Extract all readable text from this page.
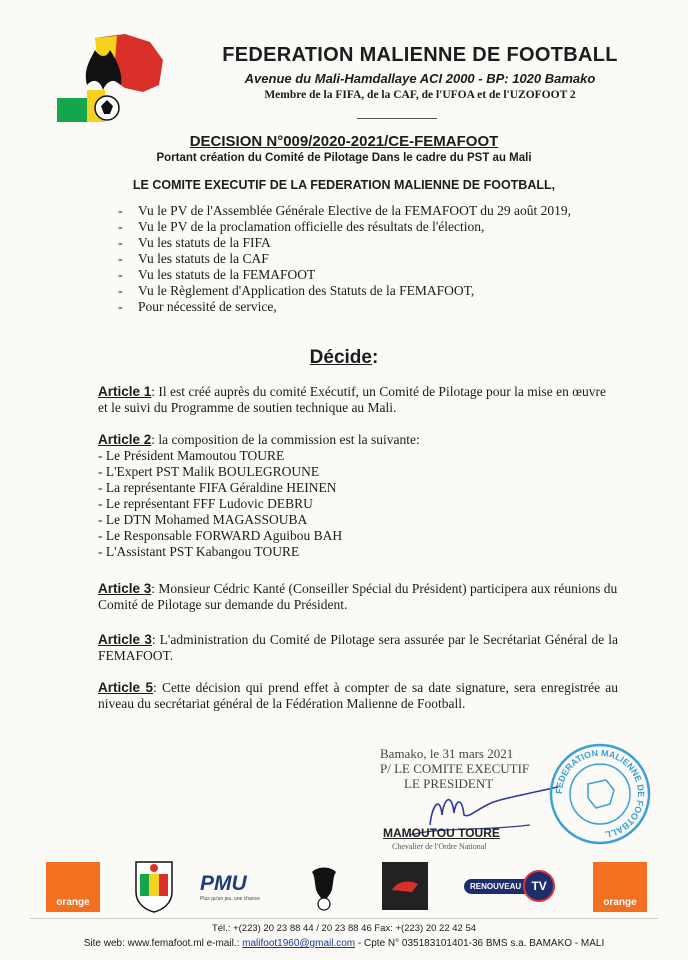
FEDERATION MALIENNE DE FOOTBALL
Avenue du Mali-Hamdallaye ACI 2000 - BP: 1020 Bamako
Membre de la FIFA, de la CAF, de l'UFOA et de l'UZOFOOT 2
DECISION N°009/2020-2021/CE-FEMAFOOT
Portant création du Comité de Pilotage Dans le cadre du PST au Mali
LE COMITE EXECUTIF DE LA FEDERATION MALIENNE DE FOOTBALL,
- Vu le PV de l'Assemblée Générale Elective de la FEMAFOOT du 29 août 2019,
- Vu le PV de la proclamation officielle des résultats de l'élection,
- Vu les statuts de la FIFA
- Vu les statuts de la CAF
- Vu les statuts de la FEMAFOOT
- Vu le Règlement d'Application des Statuts de la FEMAFOOT,
- Pour nécessité de service,
Décide:
Article 1: Il est créé auprès du comité Exécutif, un Comité de Pilotage pour la mise en œuvre et le suivi du Programme de soutien technique au Mali.
Article 2: la composition de la commission est la suivante:
- Le Président Mamoutou TOURE
- L'Expert PST Malik BOULEGROUNE
- La représentante FIFA Géraldine HEINEN
- Le représentant FFF Ludovic DEBRU
- Le DTN Mohamed MAGASSOUBA
- Le Responsable FORWARD Aguibou BAH
- L'Assistant PST Kabangou TOURE
Article 3: Monsieur Cédric Kanté (Conseiller Spécial du Président) participera aux réunions du Comité de Pilotage sur demande du Président.
Article 3: L'administration du Comité de Pilotage sera assurée par le Secrétariat Général de la FEMAFOOT.
Article 5: Cette décision qui prend effet à compter de sa date signature, sera enregistrée au niveau du secrétariat général de la Fédération Malienne de Football.
Bamako, le 31 mars 2021
P/ LE COMITE EXECUTIF
LE PRESIDENT
MAMOUTOU TOURE
Chevalier de l'Ordre National
FEDERATION MALIENNE DE FOOTBALL
orange
PMU
Plus qu'un jeu, une chance
RENOUVEAU TV
orange
Tél.: +(223) 20 23 88 44 / 20 23 88 46 Fax: +(223) 20 22 42 54
Site web: www.femafoot.ml e-mail.: malifoot1960@gmail.com - Cpte N° 035183101401-36 BMS s.a. BAMAKO - MALI
